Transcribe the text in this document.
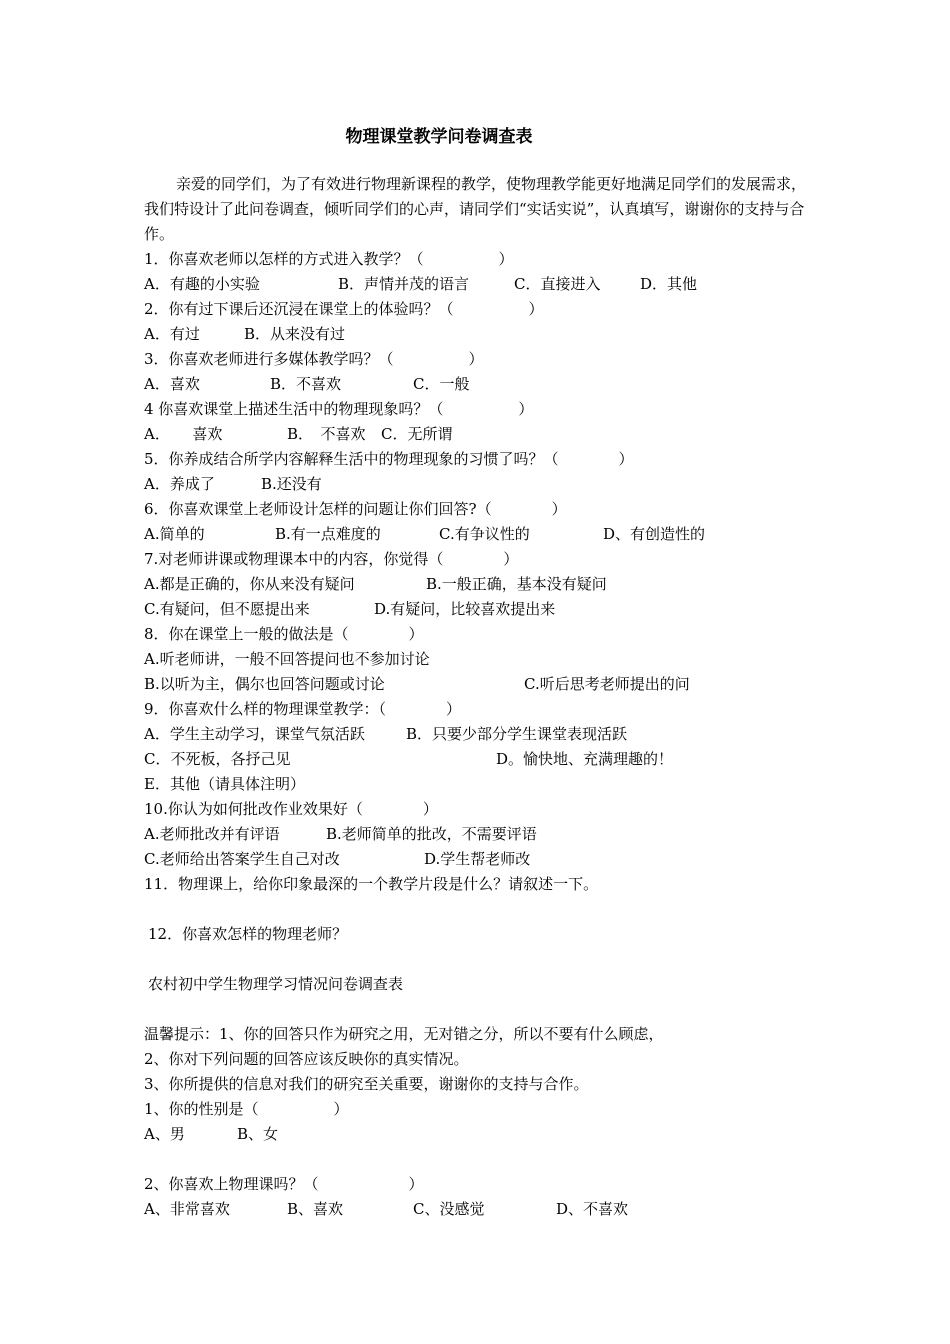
物理课堂教学问卷调查表

亲爱的同学们，为了有效进行物理新课程的教学，使物理教学能更好地满足同学们的发展需求，我们特设计了此问卷调查，倾听同学们的心声，请同学们“实话实说”，认真填写，谢谢你的支持与合作。

1．你喜欢老师以怎样的方式进入教学？（　　　　　）
A．有趣的小实验	B．声情并茂的语言	C．直接进入	D．其他
2．你有过下课后还沉浸在课堂上的体验吗？（　　　　　）
A．有过	B．从来没有过
3．你喜欢老师进行多媒体教学吗？（　　　　　）
A．喜欢	B．不喜欢	C．一般
4 你喜欢课堂上描述生活中的物理现象吗？（　　　　　）
A．　　喜欢	B．　不喜欢 C．无所谓
5．你养成结合所学内容解释生活中的物理现象的习惯了吗？（　　　　）
A．养成了	B.还没有
6．你喜欢课堂上老师设计怎样的问题让你们回答?（　　　　）
A.简单的	B.有一点难度的	C.有争议性的	D、有创造性的
7.对老师讲课或物理课本中的内容，你觉得（　　　　）
A.都是正确的，你从来没有疑问	B.一般正确，基本没有疑问
C.有疑问，但不愿提出来	D.有疑问，比较喜欢提出来
8．你在课堂上一般的做法是（　　　　）
A.听老师讲，一般不回答提问也不参加讨论
B.以听为主，偶尔也回答问题或讨论	C.听后思考老师提出的问
9．你喜欢什么样的物理课堂教学：（　　　　）
A．学生主动学习，课堂气氛活跃	B．只要少部分学生课堂表现活跃
C．不死板，各抒己见	D。愉快地、充满理趣的！
E．其他（请具体注明）
10.你认为如何批改作业效果好（　　　　）
A.老师批改并有评语	B.老师简单的批改，不需要评语
C.老师给出答案学生自己对改	D.学生帮老师改
11．物理课上，给你印象最深的一个教学片段是什么？请叙述一下。
12．你喜欢怎样的物理老师？
农村初中学生物理学习情况问卷调查表
温馨提示：1、你的回答只作为研究之用，无对错之分，所以不要有什么顾虑，
2、你对下列问题的回答应该反映你的真实情况。
3、你所提供的信息对我们的研究至关重要，谢谢你的支持与合作。
1、你的性别是（　　　　　）
A、男	B、女
2、你喜欢上物理课吗？（　　　　　　）
A、非常喜欢	B、喜欢	C、没感觉	D、不喜欢
